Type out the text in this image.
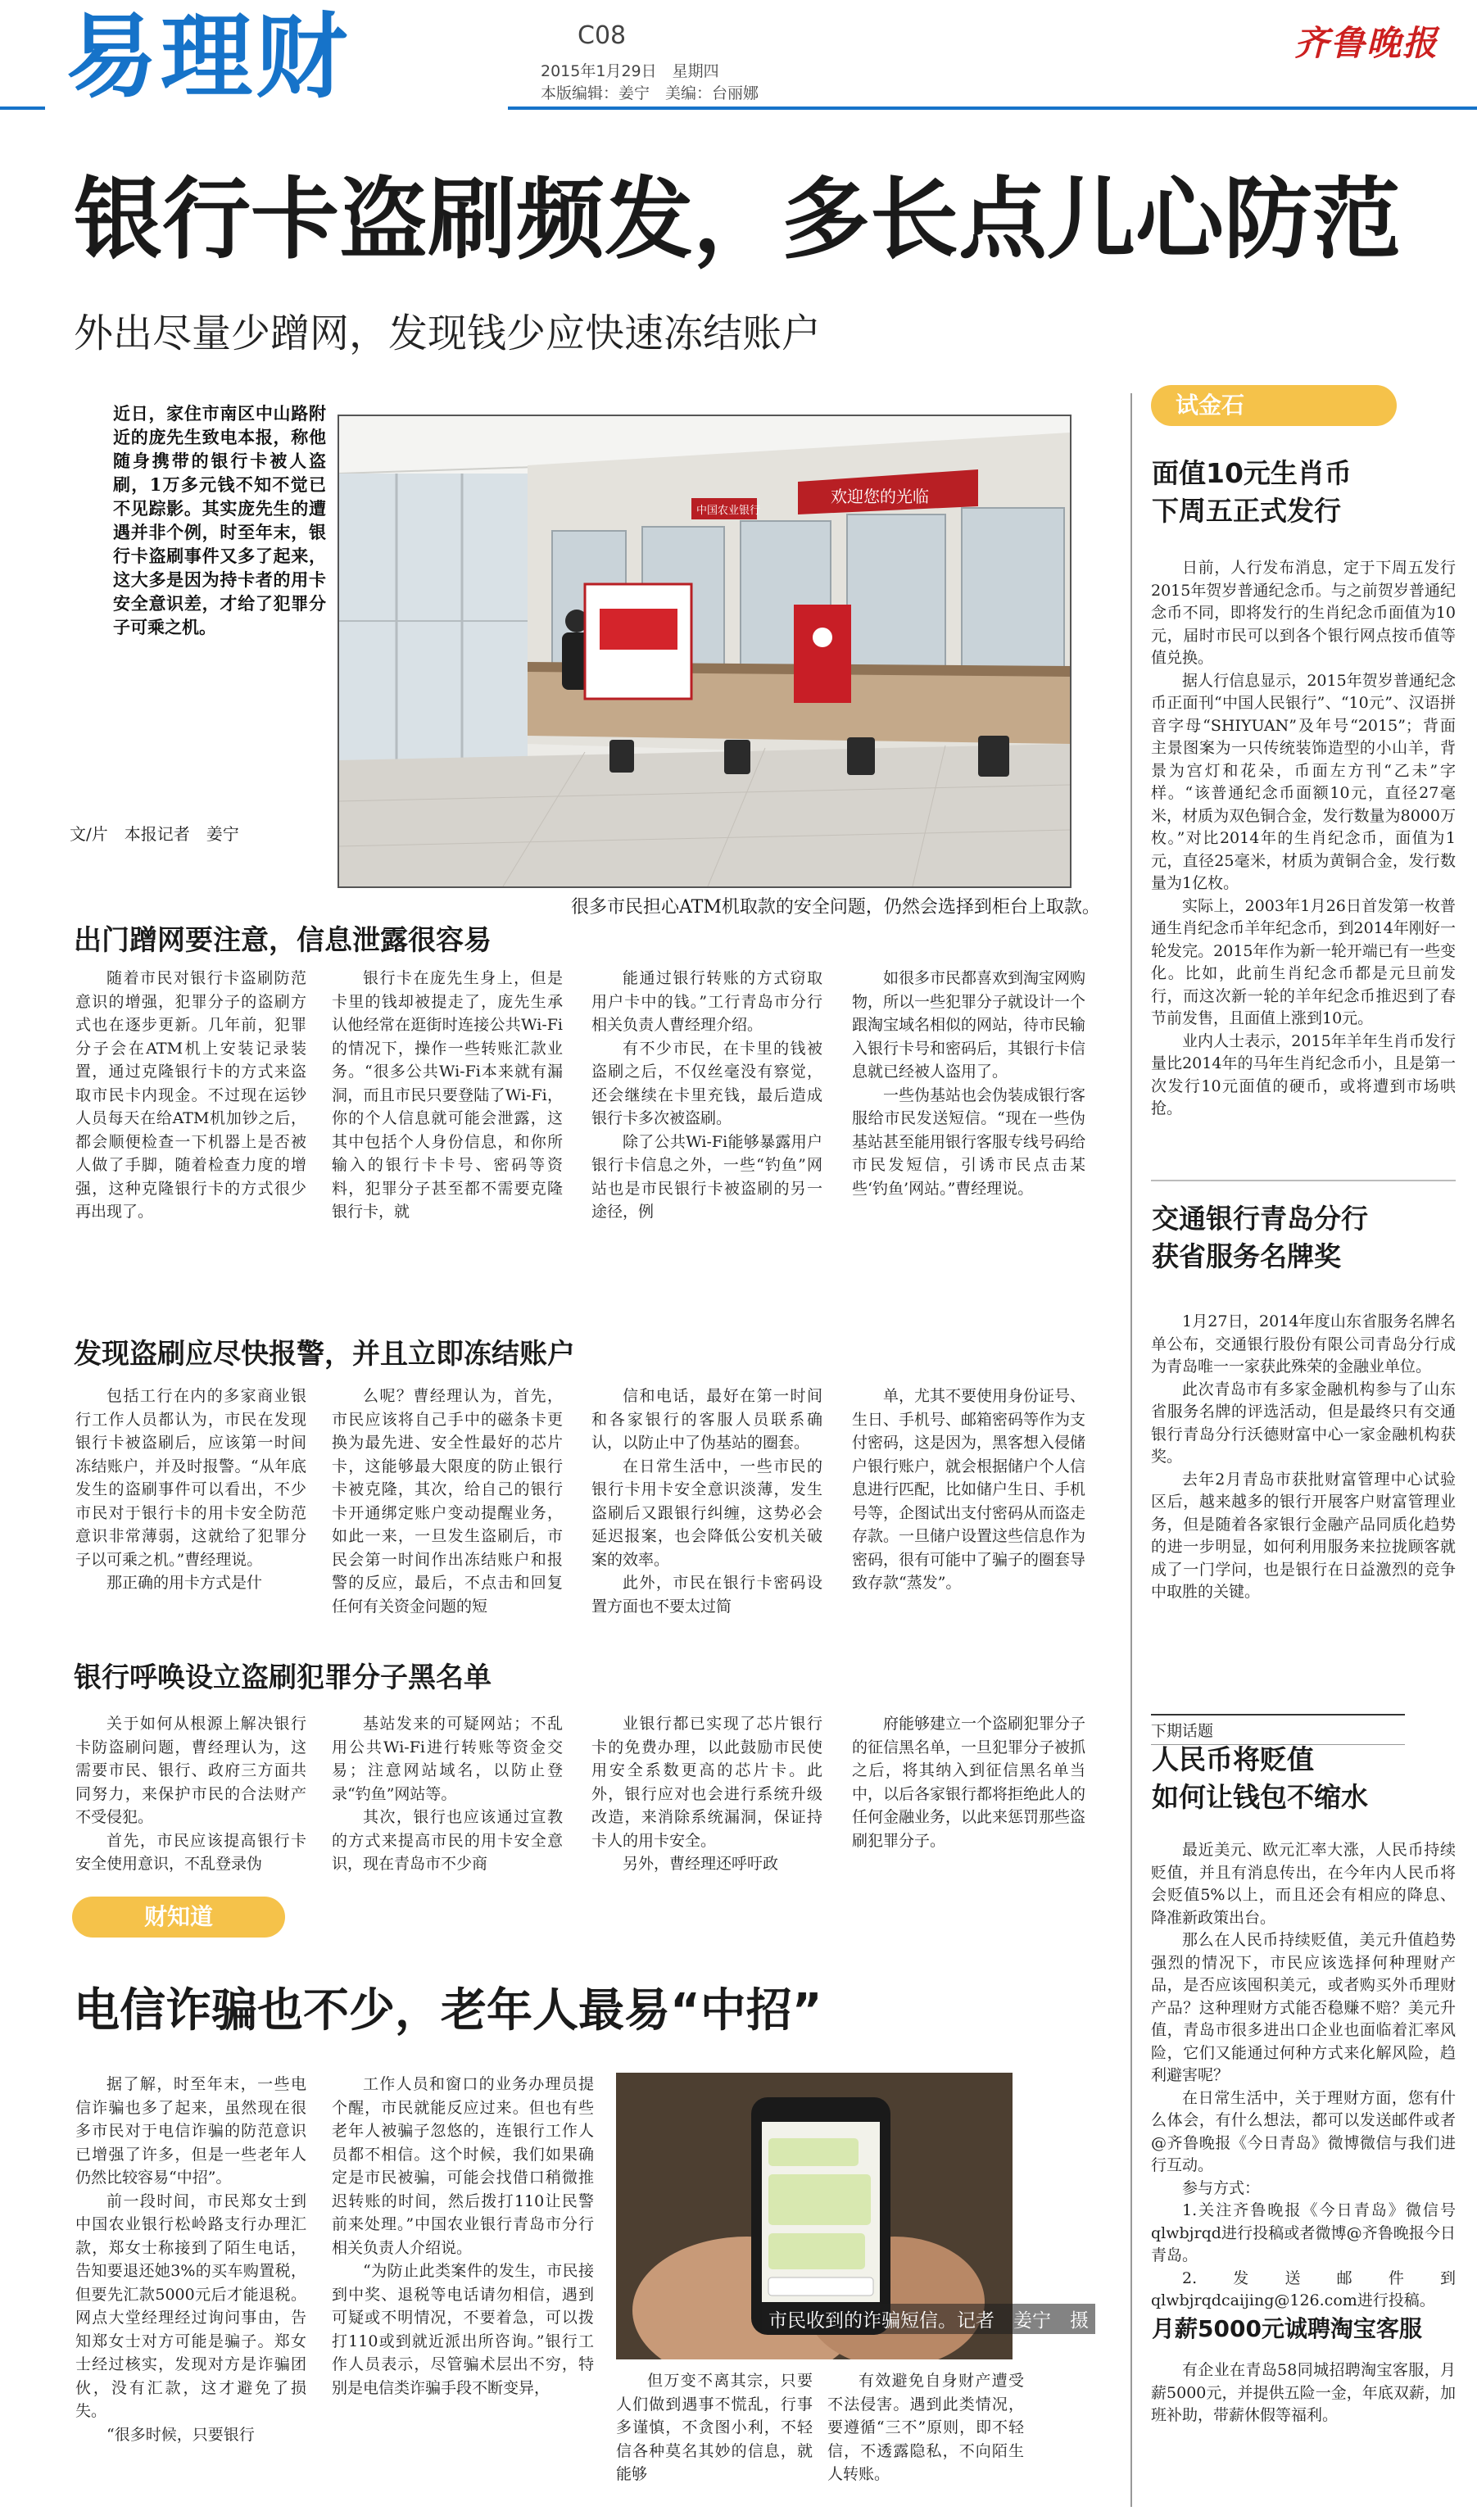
易理财	C08
2015年1月29日　星期四
本版编辑：姜宁　美编：台丽娜
齐鲁晚报
银行卡盗刷频发，多长点儿心防范
外出尽量少蹭网，发现钱少应快速冻结账户
近日，家住市南区中山路附近的庞先生致电本报，称他随身携带的银行卡被人盗刷，1万多元钱不知不觉已不见踪影。其实庞先生的遭遇并非个例，时至年末，银行卡盗刷事件又多了起来，这大多是因为持卡者的用卡安全意识差，才给了犯罪分子可乘之机。
文/片　本报记者　姜宁
欢迎您的光临
中国农业银行
很多市民担心ATM机取款的安全问题，仍然会选择到柜台上取款。
出门蹭网要注意，信息泄露很容易
随着市民对银行卡盗刷防范意识的增强，犯罪分子的盗刷方式也在逐步更新。几年前，犯罪分子会在ATM机上安装记录装置，通过克隆银行卡的方式来盗取市民卡内现金。不过现在运钞人员每天在给ATM机加钞之后，都会顺便检查一下机器上是否被人做了手脚，随着检查力度的增强，这种克隆银行卡的方式很少再出现了。
银行卡在庞先生身上，但是卡里的钱却被提走了，庞先生承认他经常在逛街时连接公共Wi-Fi的情况下，操作一些转账汇款业务。“很多公共Wi-Fi本来就有漏洞，而且市民只要登陆了Wi-Fi，你的个人信息就可能会泄露，这其中包括个人身份信息，和你所输入的银行卡卡号、密码等资料，犯罪分子甚至都不需要克隆银行卡，就

能通过银行转账的方式窃取用户卡中的钱。”工行青岛市分行相关负责人曹经理介绍。

有不少市民，在卡里的钱被盗刷之后，不仅丝毫没有察觉，还会继续在卡里充钱，最后造成银行卡多次被盗刷。

除了公共Wi-Fi能够暴露用户银行卡信息之外，一些“钓鱼”网站也是市民银行卡被盗刷的另一途径，例

如很多市民都喜欢到淘宝网购物，所以一些犯罪分子就设计一个跟淘宝域名相似的网站，待市民输入银行卡号和密码后，其银行卡信息就已经被人盗用了。

一些伪基站也会伪装成银行客服给市民发送短信。“现在一些伪基站甚至能用银行客服专线号码给市民发短信，引诱市民点击某些‘钓鱼’网站。”曹经理说。

发现盗刷应尽快报警，并且立即冻结账户

包括工行在内的多家商业银行工作人员都认为，市民在发现银行卡被盗刷后，应该第一时间冻结账户，并及时报警。“从年底发生的盗刷事件可以看出，不少市民对于银行卡的用卡安全防范意识非常薄弱，这就给了犯罪分子以可乘之机。”曹经理说。

那正确的用卡方式是什

么呢？曹经理认为，首先，市民应该将自己手中的磁条卡更换为最先进、安全性最好的芯片卡，这能够最大限度的防止银行卡被克隆，其次，给自己的银行卡开通绑定账户变动提醒业务，如此一来，一旦发生盗刷后，市民会第一时间作出冻结账户和报警的反应，最后，不点击和回复任何有关资金问题的短

信和电话，最好在第一时间和各家银行的客服人员联系确认，以防止中了伪基站的圈套。

在日常生活中，一些市民的银行卡用卡安全意识淡薄，发生盗刷后又跟银行纠缠，这势必会延迟报案，也会降低公安机关破案的效率。

此外，市民在银行卡密码设置方面也不要太过简

单，尤其不要使用身份证号、生日、手机号、邮箱密码等作为支付密码，这是因为，黑客想入侵储户银行账户，就会根据储户个人信息进行匹配，比如储户生日、手机号等，企图试出支付密码从而盗走存款。一旦储户设置这些信息作为密码，很有可能中了骗子的圈套导致存款“蒸发”。
银行呼唤设立盗刷犯罪分子黑名单

关于如何从根源上解决银行卡防盗刷问题，曹经理认为，这需要市民、银行、政府三方面共同努力，来保护市民的合法财产不受侵犯。

首先，市民应该提高银行卡安全使用意识，不乱登录伪

基站发来的可疑网站；不乱用公共Wi-Fi进行转账等资金交易；注意网站域名，以防止登录“钓鱼”网站等。

其次，银行也应该通过宣教的方式来提高市民的用卡安全意识，现在青岛市不少商

业银行都已实现了芯片银行卡的免费办理，以此鼓励市民使用安全系数更高的芯片卡。此外，银行应对也会进行系统升级改造，来消除系统漏洞，保证持卡人的用卡安全。

另外，曹经理还呼吁政

府能够建立一个盗刷犯罪分子的征信黑名单，一旦犯罪分子被抓之后，将其纳入到征信黑名单当中，以后各家银行都将拒绝此人的任何金融业务，以此来惩罚那些盗刷犯罪分子。
财知道
电信诈骗也不少，老年人最易“中招”

据了解，时至年末，一些电信诈骗也多了起来，虽然现在很多市民对于电信诈骗的防范意识已增强了许多，但是一些老年人仍然比较容易“中招”。

前一段时间，市民郑女士到中国农业银行松岭路支行办理汇款，郑女士称接到了陌生电话，告知要退还她3%的买车购置税，但要先汇款5000元后才能退税。网点大堂经理经过询问事由，告知郑女士对方可能是骗子。郑女士经过核实，发现对方是诈骗团伙，没有汇款，这才避免了损失。

“很多时候，只要银行

工作人员和窗口的业务办理员提个醒，市民就能反应过来。但也有些老年人被骗子忽悠的，连银行工作人员都不相信。这个时候，我们如果确定是市民被骗，可能会找借口稍微推迟转账的时间，然后拨打110让民警前来处理。”中国农业银行青岛市分行相关负责人介绍说。

“为防止此类案件的发生，市民接到中奖、退税等电话请勿相信，遇到可疑或不明情况，不要着急，可以拨打110或到就近派出所咨询。”银行工作人员表示，尽管骗术层出不穷，特别是电信类诈骗手段不断变异，	但万变不离其宗，只要人们做到遇事不慌乱，行事多谨慎，不贪图小利，不轻信各种莫名其妙的信息，就能够
有效避免自身财产遭受不法侵害。遇到此类情况，要遵循“三不”原则，即不轻信，不透露隐私，不向陌生人转账。
市民收到的诈骗短信。记者　姜宁　摄
试金石
面值10元生肖币
下周五正式发行

日前，人行发布消息，定于下周五发行2015年贺岁普通纪念币。与之前贺岁普通纪念币不同，即将发行的生肖纪念币面值为10元，届时市民可以到各个银行网点按币值等值兑换。

据人行信息显示，2015年贺岁普通纪念币正面刊“中国人民银行”、“10元”、汉语拼音字母“SHIYUAN”及年号“2015”；背面主景图案为一只传统装饰造型的小山羊，背景为宫灯和花朵，币面左方刊“乙未”字样。“该普通纪念币面额10元，直径27毫米，材质为双色铜合金，发行数量为8000万枚。”对比2014年的生肖纪念币，面值为1元，直径25毫米，材质为黄铜合金，发行数量为1亿枚。

实际上，2003年1月26日首发第一枚普通生肖纪念币羊年纪念币，到2014年刚好一轮发完。2015年作为新一轮开端已有一些变化。比如，此前生肖纪念币都是元旦前发行，而这次新一轮的羊年纪念币推迟到了春节前发售，且面值上涨到10元。

业内人士表示，2015年羊年生肖币发行量比2014年的马年生肖纪念币小，且是第一次发行10元面值的硬币，或将遭到市场哄抢。

交通银行青岛分行
获省服务名牌奖

1月27日，2014年度山东省服务名牌名单公布，交通银行股份有限公司青岛分行成为青岛唯一一家获此殊荣的金融业单位。

此次青岛市有多家金融机构参与了山东省服务名牌的评选活动，但是最终只有交通银行青岛分行沃德财富中心一家金融机构获奖。

去年2月青岛市获批财富管理中心试验区后，越来越多的银行开展客户财富管理业务，但是随着各家银行金融产品同质化趋势的进一步明显，如何利用服务来拉拢顾客就成了一门学问，也是银行在日益激烈的竞争中取胜的关键。

下期话题
人民币将贬值
如何让钱包不缩水

最近美元、欧元汇率大涨，人民币持续贬值，并且有消息传出，在今年内人民币将会贬值5%以上，而且还会有相应的降息、降准新政策出台。

那么在人民币持续贬值，美元升值趋势强烈的情况下，市民应该选择何种理财产品，是否应该囤积美元，或者购买外币理财产品？这种理财方式能否稳赚不赔？美元升值，青岛市很多进出口企业也面临着汇率风险，它们又能通过何种方式来化解风险，趋利避害呢？

在日常生活中，关于理财方面，您有什么体会，有什么想法，都可以发送邮件或者@齐鲁晚报《今日青岛》微博微信与我们进行互动。

参与方式：

1.关注齐鲁晚报《今日青岛》微信号qlwbjrqd进行投稿或者微博@齐鲁晚报今日青岛。

2.发送邮件到qlwbjrqdcaijing@126.com进行投稿。

月薪5000元诚聘淘宝客服
有企业在青岛58同城招聘淘宝客服，月薪5000元，并提供五险一金，年底双薪，加班补助，带薪休假等福利。
